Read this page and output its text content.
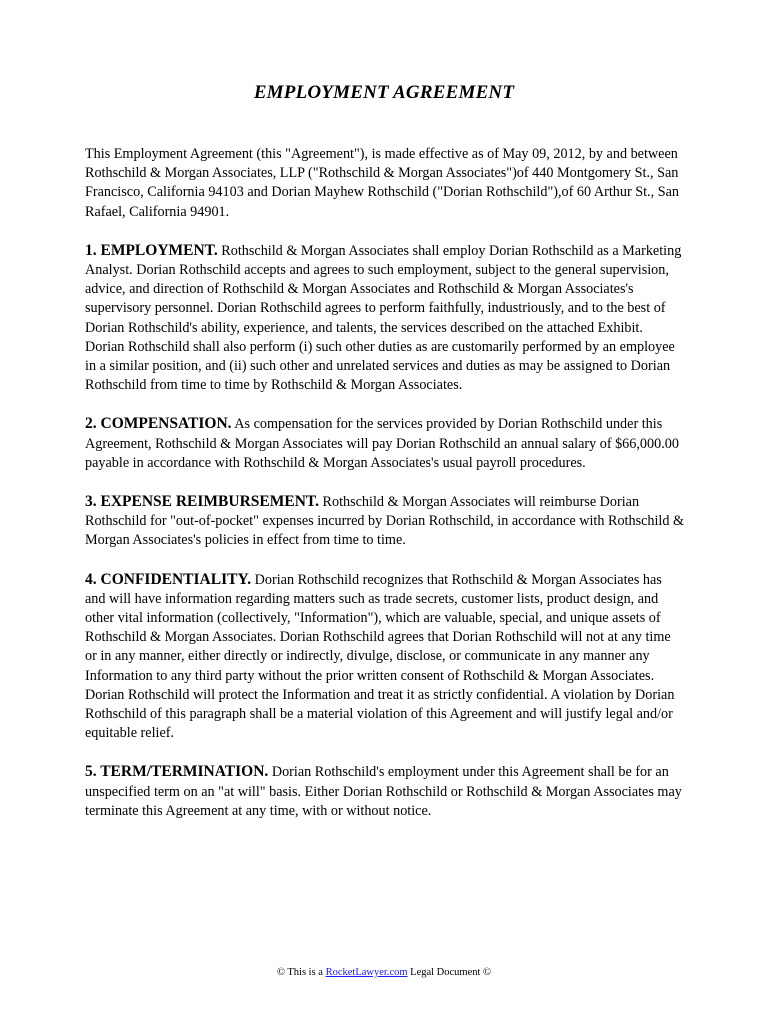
EMPLOYMENT AGREEMENT

This Employment Agreement (this "Agreement"), is made effective as of May 09, 2012, by and between Rothschild & Morgan Associates, LLP ("Rothschild & Morgan Associates")of 440 Montgomery St., San Francisco, California 94103 and Dorian Mayhew Rothschild ("Dorian Rothschild"),of 60 Arthur St., San Rafael, California 94901.

1. EMPLOYMENT. Rothschild & Morgan Associates shall employ Dorian Rothschild as a Marketing Analyst. Dorian Rothschild accepts and agrees to such employment, subject to the general supervision, advice, and direction of Rothschild & Morgan Associates and Rothschild & Morgan Associates's supervisory personnel. Dorian Rothschild agrees to perform faithfully, industriously, and to the best of Dorian Rothschild's ability, experience, and talents, the services described on the attached Exhibit. Dorian Rothschild shall also perform (i) such other duties as are customarily performed by an employee in a similar position, and (ii) such other and unrelated services and duties as may be assigned to Dorian Rothschild from time to time by Rothschild & Morgan Associates.

2. COMPENSATION. As compensation for the services provided by Dorian Rothschild under this Agreement, Rothschild & Morgan Associates will pay Dorian Rothschild an annual salary of $66,000.00 payable in accordance with Rothschild & Morgan Associates's usual payroll procedures.

3. EXPENSE REIMBURSEMENT. Rothschild & Morgan Associates will reimburse Dorian Rothschild for "out-of-pocket" expenses incurred by Dorian Rothschild, in accordance with Rothschild & Morgan Associates's policies in effect from time to time.

4. CONFIDENTIALITY. Dorian Rothschild recognizes that Rothschild & Morgan Associates has and will have information regarding matters such as trade secrets, customer lists, product design, and other vital information (collectively, "Information"), which are valuable, special, and unique assets of Rothschild & Morgan Associates. Dorian Rothschild agrees that Dorian Rothschild will not at any time or in any manner, either directly or indirectly, divulge, disclose, or communicate in any manner any Information to any third party without the prior written consent of Rothschild & Morgan Associates. Dorian Rothschild will protect the Information and treat it as strictly confidential. A violation by Dorian Rothschild of this paragraph shall be a material violation of this Agreement and will justify legal and/or equitable relief.

5. TERM/TERMINATION. Dorian Rothschild's employment under this Agreement shall be for an unspecified term on an "at will" basis. Either Dorian Rothschild or Rothschild & Morgan Associates may terminate this Agreement at any time, with or without notice.

© This is a RocketLawyer.com Legal Document ©
